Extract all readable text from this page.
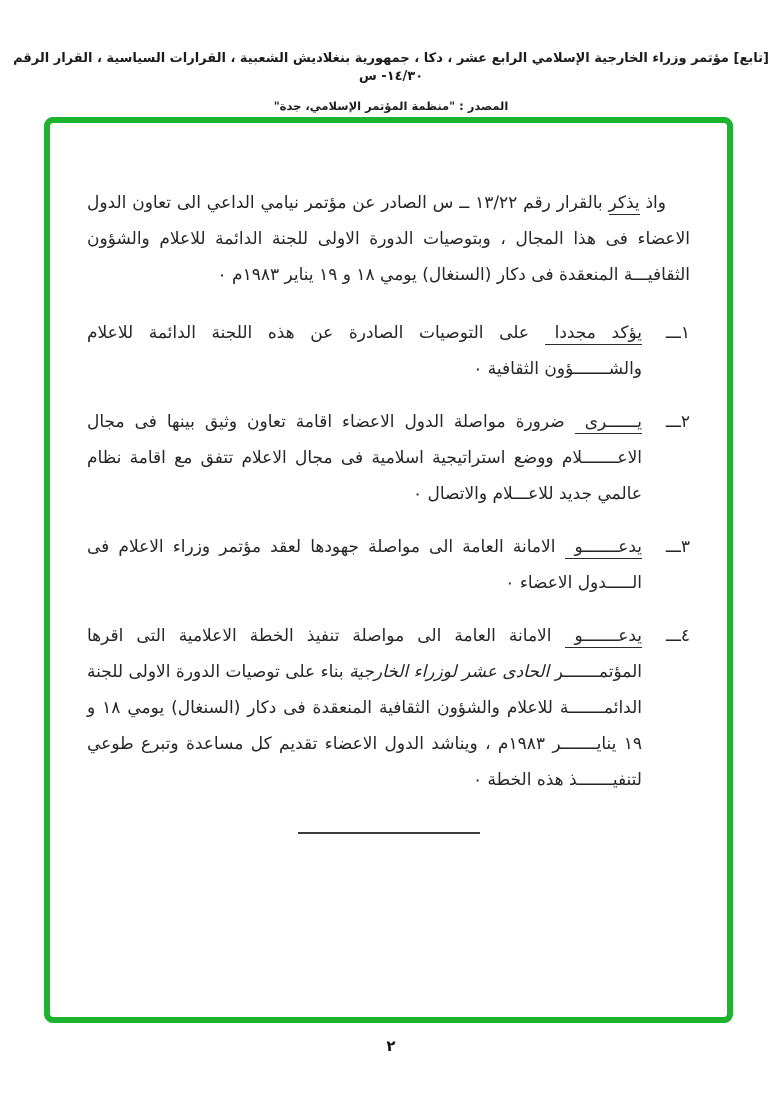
[تابع] مؤتمر وزراء الخارجية الإسلامي الرابع عشر ، دكا ، جمهورية بنغلاديش الشعبية ، القرارات السياسية ، القرار الرقم ١٤/٣٠- س
المصدر : "منظمة المؤتمر الإسلامي، جدة"

واذ يذكر بالقرار رقم ١٣/٢٢ ــ س الصادر عن مؤتمر نيامي الداعي الى تعاون الدول الاعضاء فى هذا المجال ، وبتوصيات الدورة الاولى للجنة الدائمة للاعلام والشؤون الثقافيـــة المنعقدة فى دكار (السنغال) يومي ١٨ و ١٩ يناير ١٩٨٣م ٠

١ـــ
يؤكد مجددا على التوصيات الصادرة عن هذه اللجنة الدائمة للاعلام والشـــــــؤون الثقافية ٠
٢ـــ
يــــــرى ضرورة مواصلة الدول الاعضاء اقامة تعاون وثيق بينها فى مجال الاعـــــــلام ووضع استراتيجية اسلامية فى مجال الاعلام تتفق مع اقامة نظام عالمي جديد للاعـــلام والاتصال ٠
٣ـــ
يدعـــــــو الامانة العامة الى مواصلة جهودها لعقد مؤتمر وزراء الاعلام فى الـــــدول الاعضاء ٠
٤ـــ
يدعـــــــو الامانة العامة الى مواصلة تنفيذ الخطة الاعلامية التى اقرها المؤتمـــــــر الحادى عشر لوزراء الخارجية بناء على توصيات الدورة الاولى للجنة الدائمـــــــة للاعلام والشؤون الثقافية المنعقدة فى دكار (السنغال) يومي ١٨ و ١٩ ينايـــــــر ١٩٨٣م ، ويناشد الدول الاعضاء تقديم كل مساعدة وتبرع طوعي لتنفيـــــــذ هذه الخطة ٠
٢
